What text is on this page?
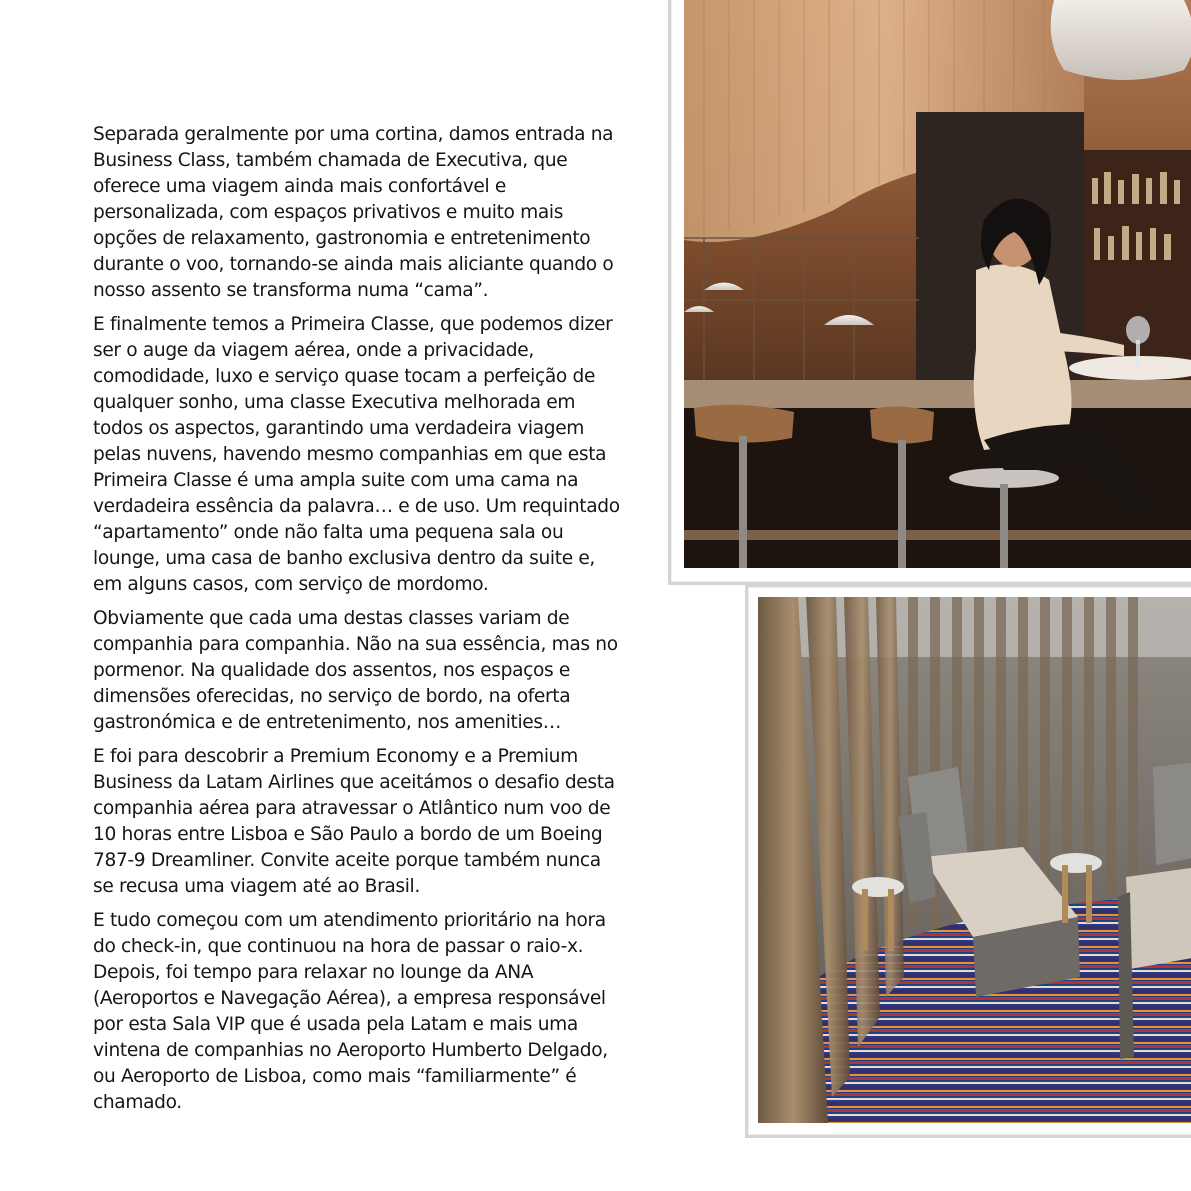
Separada geralmente por uma cortina, damos entrada na
Business Class, também chamada de Executiva, que
oferece uma viagem ainda mais confortável e
personalizada, com espaços privativos e muito mais
opções de relaxamento, gastronomia e entretenimento
durante o voo, tornando-se ainda mais aliciante quando o
nosso assento se transforma numa “cama”.

E finalmente temos a Primeira Classe, que podemos dizer
ser o auge da viagem aérea, onde a privacidade,
comodidade, luxo e serviço quase tocam a perfeição de
qualquer sonho, uma classe Executiva melhorada em
todos os aspectos, garantindo uma verdadeira viagem
pelas nuvens, havendo mesmo companhias em que esta
Primeira Classe é uma ampla suite com uma cama na
verdadeira essência da palavra… e de uso. Um requintado
“apartamento” onde não falta uma pequena sala ou
lounge, uma casa de banho exclusiva dentro da suite e,
em alguns casos, com serviço de mordomo.

Obviamente que cada uma destas classes variam de
companhia para companhia. Não na sua essência, mas no
pormenor. Na qualidade dos assentos, nos espaços e
dimensões oferecidas, no serviço de bordo, na oferta
gastronómica e de entretenimento, nos amenities…

E foi para descobrir a Premium Economy e a Premium
Business da Latam Airlines que aceitámos o desafio desta
companhia aérea para atravessar o Atlântico num voo de
10 horas entre Lisboa e São Paulo a bordo de um Boeing
787-9 Dreamliner. Convite aceite porque também nunca
se recusa uma viagem até ao Brasil.

E tudo começou com um atendimento prioritário na hora
do check-in, que continuou na hora de passar o raio-x.
Depois, foi tempo para relaxar no lounge da ANA
(Aeroportos e Navegação Aérea), a empresa responsável
por esta Sala VIP que é usada pela Latam e mais uma
vintena de companhias no Aeroporto Humberto Delgado,
ou Aeroporto de Lisboa, como mais “familiarmente” é
chamado.
